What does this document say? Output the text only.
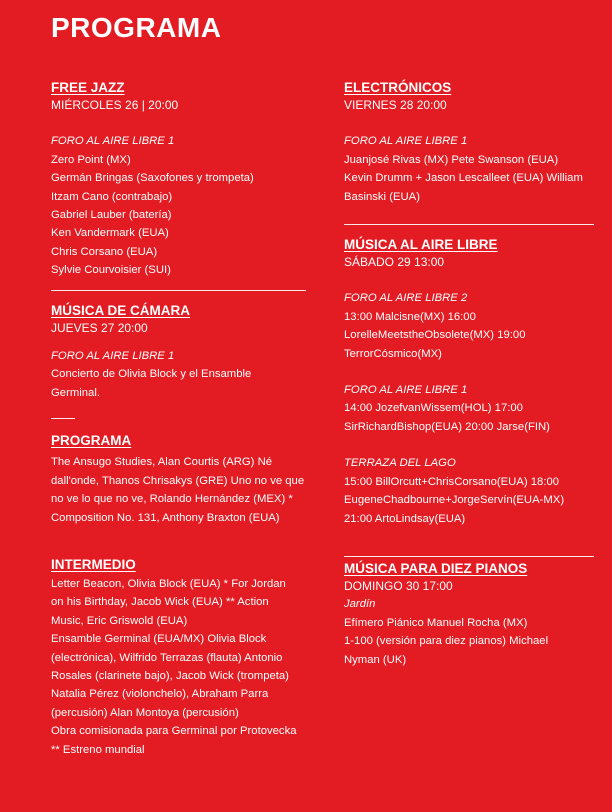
PROGRAMA

FREE JAZZ

MIÉRCOLES 26 | 20:00

FORO AL AIRE LIBRE 1

Zero Point (MX)

Germán Bringas (Saxofones y trompeta)

Itzam Cano (contrabajo)

Gabriel Lauber (batería)

Ken Vandermark (EUA)

Chris Corsano (EUA)

Sylvie Courvoisier (SUI)

MÚSICA DE CÁMARA

JUEVES 27 20:00

FORO AL AIRE LIBRE 1

Concierto de Olivia Block y el Ensamble

Germinal.

PROGRAMA

The Ansugo Studies, Alan Courtis (ARG) Né

dall'onde, Thanos Chrisakys (GRE) Uno no ve que

no ve lo que no ve, Rolando Hernández (MEX) *

Composition No. 131, Anthony Braxton (EUA)

INTERMEDIO

Letter Beacon, Olivia Block (EUA) * For Jordan

on his Birthday, Jacob Wick (EUA) ** Action

Music, Eric Griswold (EUA)

Ensamble Germinal (EUA/MX) Olivia Block

(electrónica), Wilfrido Terrazas (flauta) Antonio

Rosales (clarinete bajo), Jacob Wick (trompeta)

Natalia Pérez (violonchelo), Abraham Parra

(percusión) Alan Montoya (percusión)

Obra comisionada para Germinal por Protovecka

** Estreno mundial

ELECTRÓNICOS

VIERNES 28 20:00

FORO AL AIRE LIBRE 1

Juanjosé Rivas (MX) Pete Swanson (EUA)

Kevin Drumm + Jason Lescalleet (EUA) William

Basinski (EUA)

MÚSICA AL AIRE LIBRE

SÁBADO 29 13:00

FORO AL AIRE LIBRE 2

13:00 Malcisne(MX) 16:00

LorelleMeetstheObsolete(MX) 19:00

TerrorCósmico(MX)

FORO AL AIRE LIBRE 1

14:00 JozefvanWissem(HOL) 17:00

SirRichardBishop(EUA) 20:00 Jarse(FIN)

TERRAZA DEL LAGO

15:00 BillOrcutt+ChrisCorsano(EUA) 18:00

EugeneChadbourne+JorgeServín(EUA-MX)

21:00 ArtoLindsay(EUA)

MÚSICA PARA DIEZ PIANOS

DOMINGO 30 17:00

Jardín

Efímero Piánico Manuel Rocha (MX)

1-100 (versión para diez pianos) Michael

Nyman (UK)
